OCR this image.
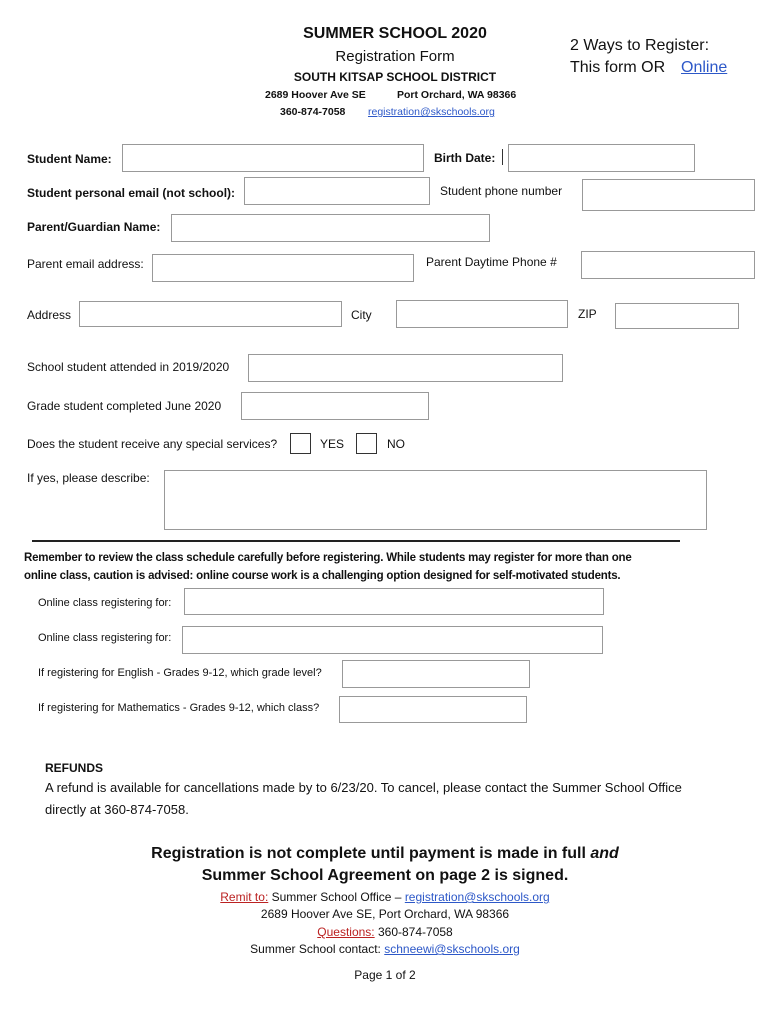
SUMMER SCHOOL 2020
Registration Form
SOUTH KITSAP SCHOOL DISTRICT
2689 Hoover Ave SE	Port Orchard, WA 98366
360-874-7058 registration@skschools.org
2 Ways to Register:
This form OR Online
Student Name:	Birth Date:
Student personal email (not school):	Student phone number
Parent/Guardian Name:
Parent email address:	Parent Daytime Phone #
Address	City	ZIP
School student attended in 2019/2020
Grade student completed June 2020
Does the student receive any special services?	YES	NO
If yes, please describe:
Remember to review the class schedule carefully before registering. While students may register for more than one
online class, caution is advised: online course work is a challenging option designed for self-motivated students.
Online class registering for:
Online class registering for:
If registering for English - Grades 9-12, which grade level?
If registering for Mathematics - Grades 9-12, which class?
REFUNDS
A refund is available for cancellations made by to 6/23/20. To cancel, please contact the Summer School Office
directly at 360-874-7058.
Registration is not complete until payment is made in full and
Summer School Agreement on page 2 is signed.
Remit to: Summer School Office – registration@skschools.org
2689 Hoover Ave SE, Port Orchard, WA 98366
Questions: 360-874-7058
Summer School contact: schneewi@skschools.org
Page 1 of 2
